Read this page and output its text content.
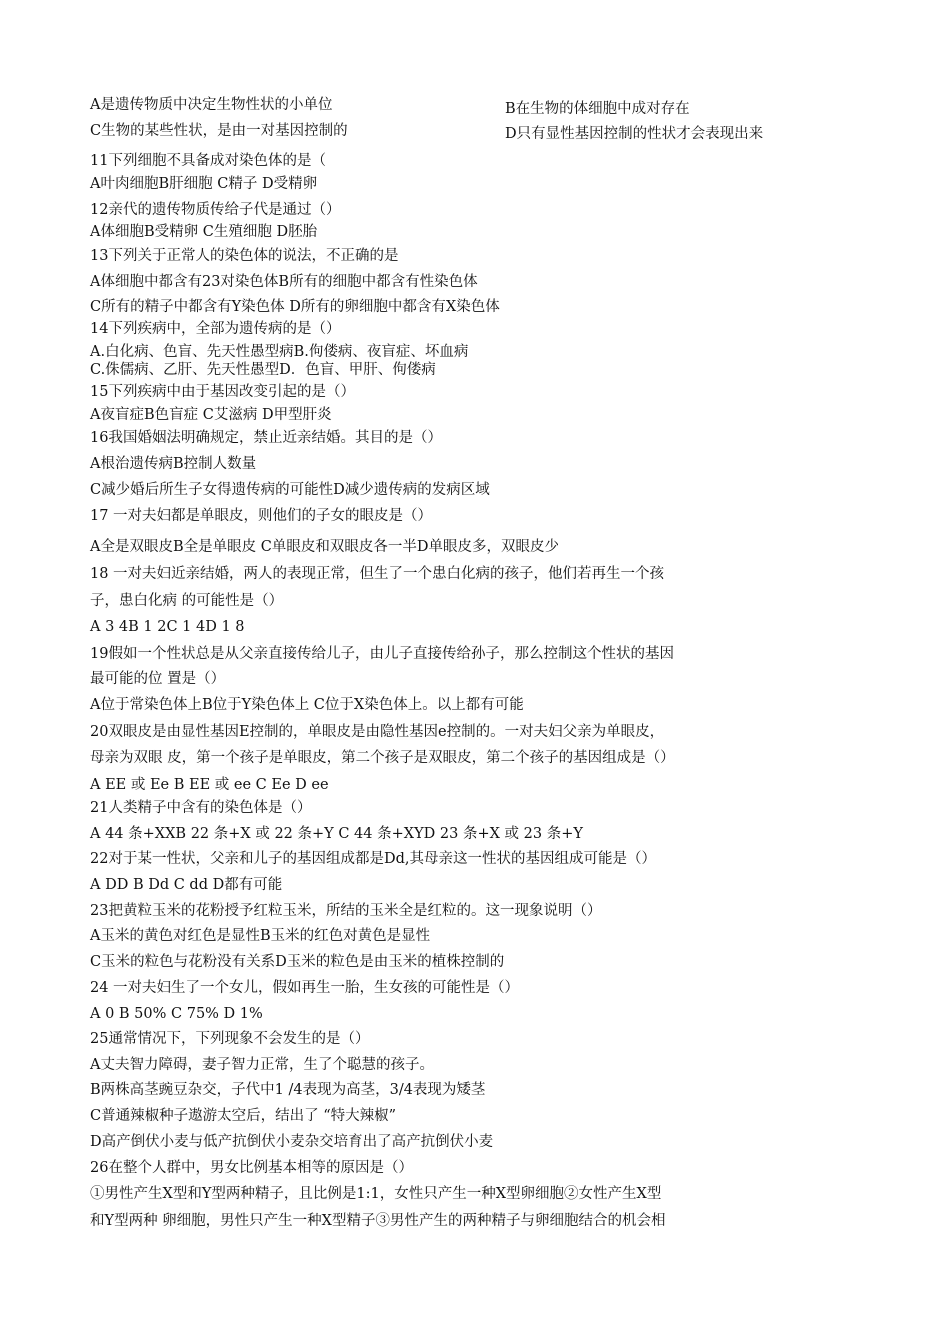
A是遗传物质中决定生物性状的小单位	B在生物的体细胞中成对存在
C生物的某些性状，是由一对基因控制的	D只有显性基因控制的性状才会表现出来
11下列细胞不具备成对染色体的是（
A叶肉细胞B肝细胞 C精子 D受精卵
12亲代的遗传物质传给子代是通过（）
A体细胞B受精卵 C生殖细胞 D胚胎
13下列关于正常人的染色体的说法，不正确的是
A体细胞中都含有23对染色体B所有的细胞中都含有性染色体
C所有的精子中都含有Y染色体 D所有的卵细胞中都含有X染色体
14下列疾病中，全部为遗传病的是（）
A.白化病、色盲、先天性愚型病B.佝偻病、夜盲症、坏血病
C.侏儒病、乙肝、先天性愚型D．色盲、甲肝、佝偻病
15下列疾病中由于基因改变引起的是（）
A夜盲症B色盲症 C艾滋病 D甲型肝炎
16我国婚姻法明确规定，禁止近亲结婚。其目的是（）
A根治遗传病B控制人数量
C减少婚后所生子女得遗传病的可能性D减少遗传病的发病区域
17 一对夫妇都是单眼皮，则他们的子女的眼皮是（）
A全是双眼皮B全是单眼皮 C单眼皮和双眼皮各一半D单眼皮多，双眼皮少
18 一对夫妇近亲结婚，两人的表现正常，但生了一个患白化病的孩子，他们若再生一个孩
子，患白化病 的可能性是（）
A 3 4B 1 2C 1 4D 1 8
19假如一个性状总是从父亲直接传给儿子，由儿子直接传给孙子，那么控制这个性状的基因
最可能的位 置是（）
A位于常染色体上B位于Y染色体上 C位于X染色体上。以上都有可能
20双眼皮是由显性基因E控制的，单眼皮是由隐性基因e控制的。一对夫妇父亲为单眼皮，
母亲为双眼 皮，第一个孩子是单眼皮，第二个孩子是双眼皮，第二个孩子的基因组成是（）
A EE 或 Ee B EE 或 ee C Ee D ee
21人类精子中含有的染色体是（）
A 44 条+XXB 22 条+X 或 22 条+Y C 44 条+XYD 23 条+X 或 23 条+Y
22对于某一性状，父亲和儿子的基因组成都是Dd,其母亲这一性状的基因组成可能是（）
A DD B Dd C dd D都有可能
23把黄粒玉米的花粉授予红粒玉米，所结的玉米全是红粒的。这一现象说明（）
A玉米的黄色对红色是显性B玉米的红色对黄色是显性
C玉米的粒色与花粉没有关系D玉米的粒色是由玉米的植株控制的
24 一对夫妇生了一个女儿，假如再生一胎，生女孩的可能性是（）
A 0 B 50% C 75% D 1%
25通常情况下，下列现象不会发生的是（）
A丈夫智力障碍，妻子智力正常，生了个聪慧的孩子。
B两株高茎豌豆杂交，子代中1 /4表现为高茎，3/4表现为矮茎
C普通辣椒种子遨游太空后，结出了 “特大辣椒”
D高产倒伏小麦与低产抗倒伏小麦杂交培育出了高产抗倒伏小麦
26在整个人群中，男女比例基本相等的原因是（）
①男性产生X型和Y型两种精子，且比例是1:1，女性只产生一种X型卵细胞②女性产生X型
和Y型两种 卵细胞，男性只产生一种X型精子③男性产生的两种精子与卵细胞结合的机会相
